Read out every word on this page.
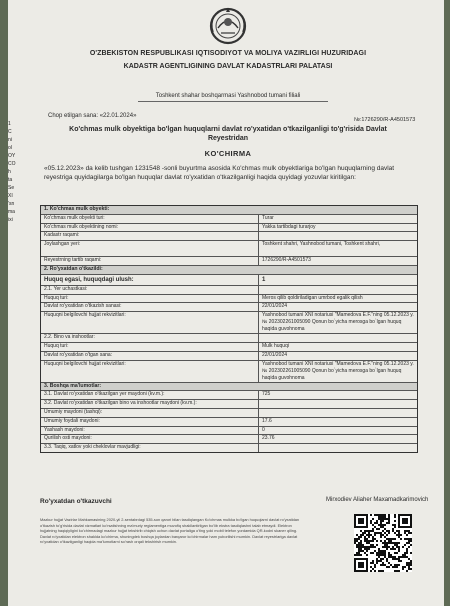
1
C
ni
ol
OY
CO
h
ta
Se
XI
'sn
ma
ixi
O'ZBEKISTON RESPUBLIKASI IQTISODIYOT VA MOLIYA VAZIRLIGI HUZURIDAGI
KADASTR AGENTLIGINING DAVLAT KADASTRLARI PALATASI
Toshkent shahar boshqarmasi Yashnobod tumani filiali
Chop etilgan sana: «22.01.2024»
№:1726290/R-A4501573
Ko'chmas mulk obyektiga bo'lgan huquqlarni davlat ro'yxatidan o'tkazilganligi to'g'risida Davlat
Reyestridan
KO'CHIRMA
«05.12.2023» da kelib tushgan 1231548 -sonli buyurtma asosida Ko'chmas mulk obyektlariga bo'lgan huquqlarning davlat reyestriga quyidagilarga bo'lgan huquqlar davlat ro'yxatidan o'tkazilganligi haqida quyidagi yozuvlar kiritilgan:
1. Ko'chmas mulk obyekti:
Ko'chmas mulk obyekti turi:	Turar
Ko'chmas mulk obyektining nomi:	Yakka tartibdagi turarjoy
Kadastr raqami:
Joylashgan yeri:	Toshkent shahri, Yashnobod tumani, Toshkent shahri,
Reyestrning tartib raqami:	1726290/R-A4501573
2. Ro'yxatdan o'tkazildi:
Huquq egasi, huquqdagi ulush:	1
2.1. Yer uchastkasi:
Huquq turi:	Meros qilib qoldiriladigan umrbod egalik qilish
Davlat ro'yxatidan o'tkazish sanasi:	22/01/2024
Huquqni belgilovchi hujjat rekvizitlari:	Yashnobod tumani XNI notariusi "Mamedova E.F."ning 05.12.2023 y. № 202302261005090 Qonun bo`yicha merosga bo`lgan huquq haqida guvohnoma
2.2. Bino va inshootlar:
Huquq turi:	Mulk huquqi
Davlat ro'yxatidan o'tgan sana:	22/01/2024
Huquqni belgilovchi hujjat rekvizitlari:	Yashnobod tumani XNI notariusi "Mamedova E.F."ning 05.12.2023 y. № 202302261005090 Qonun bo`yicha merosga bo`lgan huquq haqida guvohnoma
3. Boshqa ma'lumotlar:
3.1. Davlat ro'yxatidan o'tkazilgan yer maydoni (kv.m.):	725
3.2. Davlat ro'yxatidan o'tkazilgan bino va inshootlar maydoni (kv.m.):
Umumiy maydoni (tashqi):
Umumiy foydali maydoni:	17.6
Yashash maydoni:	0
Qurilish osti maydoni:	23.76
3.3. Taqiq, xatlov yoki cheklovlar mavjudligi:
Ro'yxatdan o'tkazuvchi	Mirxodiev Aliaher Maxamadkarimovich
Mazkur hujjat Vazirlar Mahkamasining 2020-yil 2-sentabrdagi 535-son qarori bilan tasdiqlangan Ko'chmas mulkka bo'lgan huquqlarni davlat ro'yxatidan o'tkazish to'g'risida davlat xizmatlari ko'rsatishning ma'muriy reglamentiga muvofiq shakllantirilgan bo'lib ekstra tasdiqlashni talab etmaydi. Elektron hujjatning haqiqiyligini ko'chirmadagi mazkur hujjat tekshirib chiqish uchun davlat portaliga o'ting yoki mobil telefon yordamida QR-kodni skaner qiling. Davlat ro'yxatidan elektron shaklda ko'chirma, shuningdek boshqa joylardan barqaror ko'chirmalar ham yuborilishi mumkin. Davlat reyestrlariga davlat ro'yxatidan o'tkazilganligi haqida ma'lumotlarni so'rash orqali tekshirish mumkin.
